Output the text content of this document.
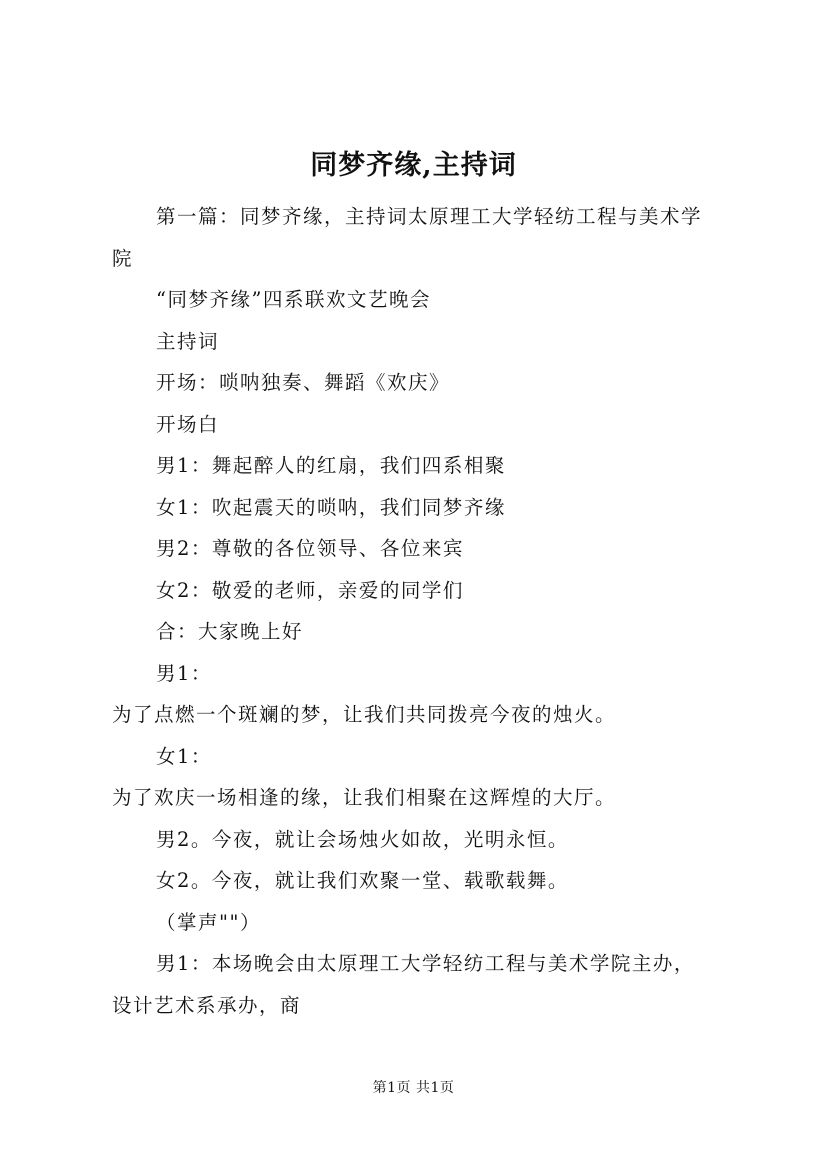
同梦齐缘,主持词

第一篇：同梦齐缘，主持词太原理工大学轻纺工程与美术学
院

“同梦齐缘”四系联欢文艺晚会

主持词

开场：唢呐独奏、舞蹈《欢庆》

开场白

男1：舞起醉人的红扇，我们四系相聚

女1：吹起震天的唢呐，我们同梦齐缘

男2：尊敬的各位领导、各位来宾

女2：敬爱的老师，亲爱的同学们

合：大家晚上好

男1：

为了点燃一个斑斓的梦，让我们共同拨亮今夜的烛火。

女1：

为了欢庆一场相逢的缘，让我们相聚在这辉煌的大厅。

男2。今夜，就让会场烛火如故，光明永恒。

女2。今夜，就让我们欢聚一堂、载歌载舞。

（掌声""）

男1：本场晚会由太原理工大学轻纺工程与美术学院主办，
设计艺术系承办，商

第1页 共1页
